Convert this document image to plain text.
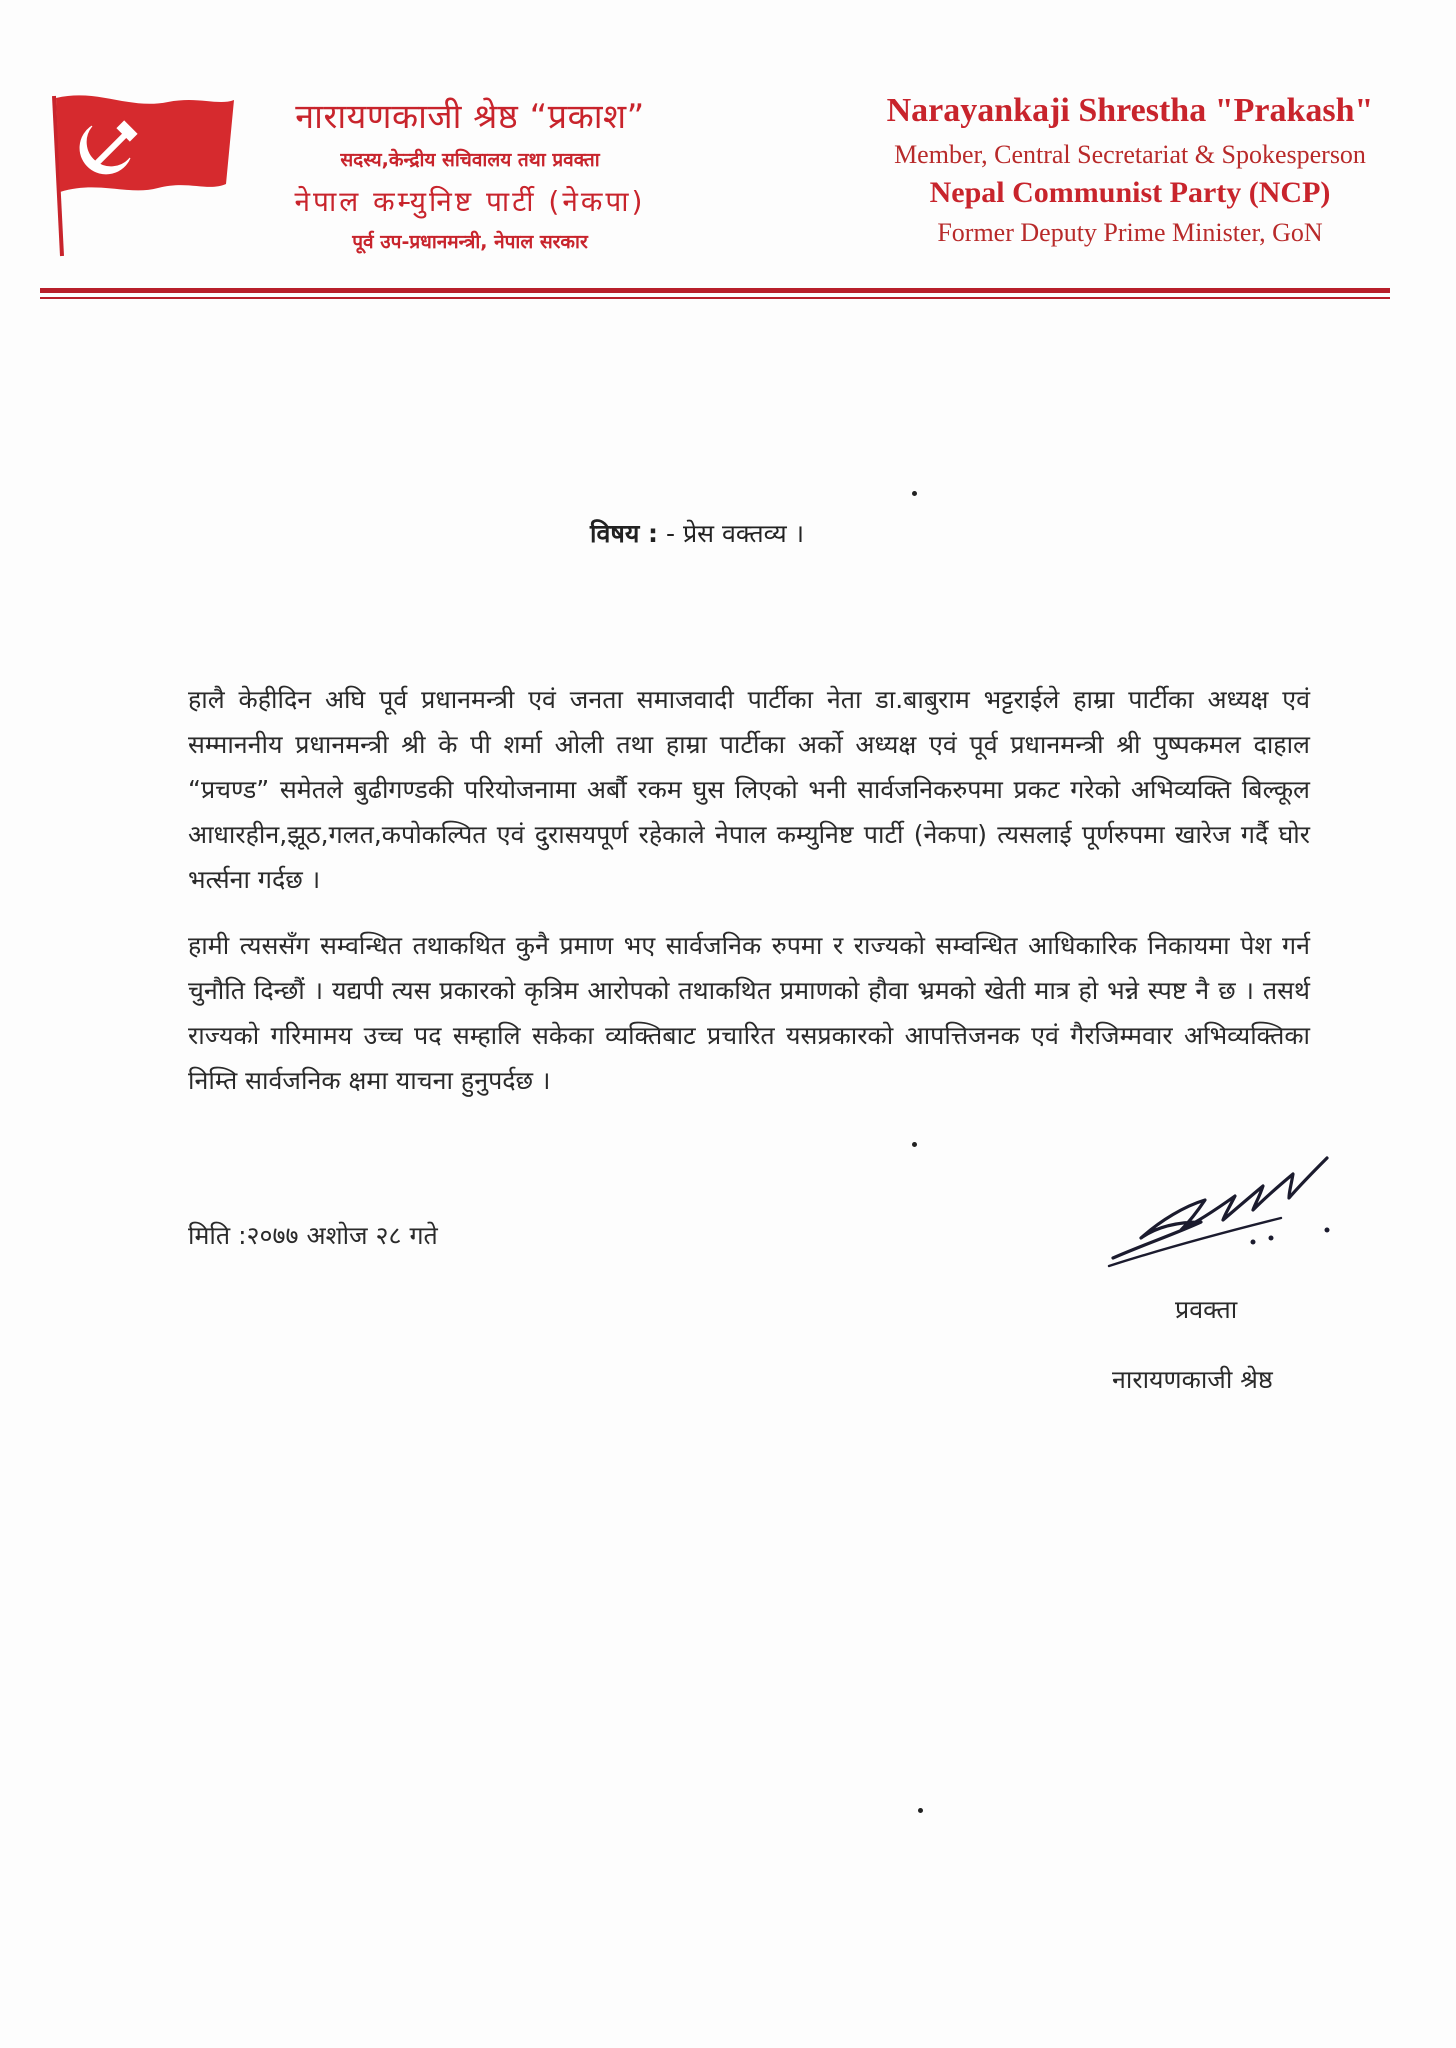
नारायणकाजी श्रेष्ठ “प्रकाश”
सदस्य,केन्द्रीय सचिवालय तथा प्रवक्ता
नेपाल कम्युनिष्ट पार्टी (नेकपा)
पूर्व उप-प्रधानमन्त्री, नेपाल सरकार
Narayankaji Shrestha "Prakash"
Member, Central Secretariat & Spokesperson
Nepal Communist Party (NCP)
Former Deputy Prime Minister, GoN
विषय : - प्रेस वक्तव्य ।

हालै केहीदिन अघि पूर्व प्रधानमन्त्री एवं जनता समाजवादी पार्टीका नेता डा.बाबुराम भट्टराईले हाम्रा पार्टीका अध्यक्ष एवं सम्माननीय प्रधानमन्त्री श्री के पी शर्मा ओली तथा हाम्रा पार्टीका अर्को अध्यक्ष एवं पूर्व प्रधानमन्त्री श्री पुष्पकमल दाहाल “प्रचण्ड” समेतले बुढीगण्डकी परियोजनामा अर्बौ रकम घुस लिएको भनी सार्वजनिकरुपमा प्रकट गरेको अभिव्यक्ति बिल्कूल आधारहीन,झूठ,गलत,कपोकल्पित एवं दुरासयपूर्ण रहेकाले नेपाल कम्युनिष्ट पार्टी (नेकपा) त्यसलाई पूर्णरुपमा खारेज गर्दै घोर भर्त्सना गर्दछ ।

हामी त्यससँग सम्वन्धित तथाकथित कुनै प्रमाण भए सार्वजनिक रुपमा र राज्यको सम्वन्धित आधिकारिक निकायमा पेश गर्न चुनौति दिन्छौं । यद्यपी त्यस प्रकारको कृत्रिम आरोपको तथाकथित प्रमाणको हौवा भ्रमको खेती मात्र हो भन्ने स्पष्ट नै छ । तसर्थ राज्यको गरिमामय उच्च पद सम्हालि सकेका व्यक्तिबाट प्रचारित यसप्रकारको आपत्तिजनक एवं गैरजिम्मवार अभिव्यक्तिका निम्ति सार्वजनिक क्षमा याचना हुनुपर्दछ ।

मिति :२०७७ अशोज २८ गते
प्रवक्ता
नारायणकाजी श्रेष्ठ
